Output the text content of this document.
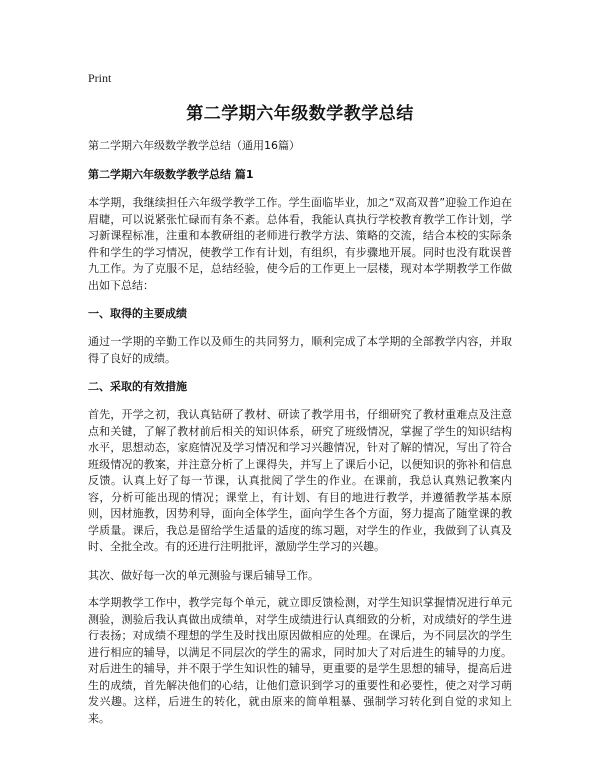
Print
第二学期六年级数学教学总结
第二学期六年级数学教学总结（通用16篇）
第二学期六年级数学教学总结 篇1

本学期，我继续担任六年级学教学工作。学生面临毕业，加之“双高双普”迎验工作迫在眉睫，可以说紧张忙碌而有条不紊。总体看，我能认真执行学校教育教学工作计划，学习新课程标准，注重和本教研组的老师进行教学方法、策略的交流，结合本校的实际条件和学生的学习情况，使教学工作有计划，有组织，有步骤地开展。同时也没有耽误普九工作。为了克服不足，总结经验，使今后的工作更上一层楼，现对本学期教学工作做出如下总结：

一、取得的主要成绩

通过一学期的辛勤工作以及师生的共同努力，顺利完成了本学期的全部教学内容，并取得了良好的成绩。

二、采取的有效措施

首先，开学之初，我认真钻研了教材、研读了教学用书，仔细研究了教材重难点及注意点和关键，了解了教材前后相关的知识体系，研究了班级情况，掌握了学生的知识结构水平，思想动态，家庭情况及学习情况和学习兴趣情况，针对了解的情况，写出了符合班级情况的教案，并注意分析了上课得失，并写上了课后小记，以便知识的弥补和信息反馈。认真上好了每一节课，认真批阅了学生的作业。在课前，我总认真熟记教案内容，分析可能出现的情况；课堂上，有计划、有目的地进行教学，并遵循教学基本原则，因材施教，因势利导，面向全体学生，面向学生各个方面，努力提高了随堂课的教学质量。课后，我总是留给学生适量的适度的练习题，对学生的作业，我做到了认真及时、全批全改。有的还进行注明批评，激励学生学习的兴趣。

其次、做好每一次的单元测验与课后辅导工作。

本学期教学工作中，教学完每个单元，就立即反馈检测，对学生知识掌握情况进行单元测验，测验后我认真做出成绩单，对学生成绩进行认真细致的分析，对成绩好的学生进行表扬；对成绩不理想的学生及时找出原因做相应的处理。在课后，为不同层次的学生进行相应的辅导，以满足不同层次的学生的需求，同时加大了对后进生的辅导的力度。对后进生的辅导，并不限于学生知识性的辅导，更重要的是学生思想的辅导，提高后进生的成绩，首先解决他们的心结，让他们意识到学习的重要性和必要性，使之对学习萌发兴趣。这样，后进生的转化，就由原来的简单粗暴、强制学习转化到自觉的求知上来。
